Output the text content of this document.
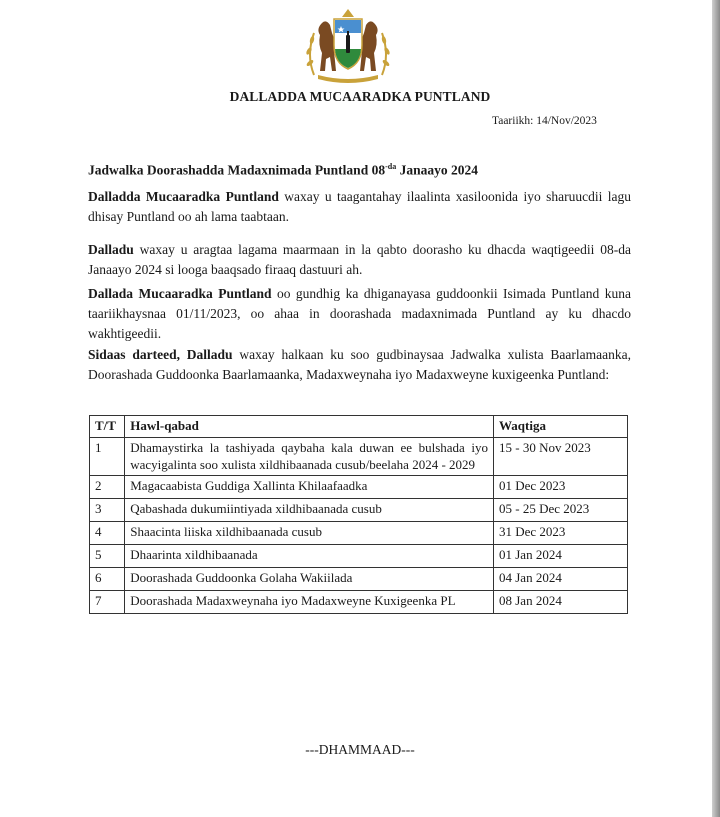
DALLADDA MUCAARADKA PUNTLAND
Taariikh: 14/Nov/2023
Jadwalka Doorashadda Madaxnimada Puntland $08^{-da}$ Janaayo 2024

Dalladda Mucaaradka Puntland waxay u taagantahay ilaalinta xasiloonida iyo sharuucdii lagu dhisay Puntland oo ah lama taabtaan.

Dalladu waxay u aragtaa lagama maarmaan in la qabto doorasho ku dhacda waqtigeedii 08-da Janaayo 2024 si looga baaqsado firaaq dastuuri ah.

Dallada Mucaaradka Puntland oo gundhig ka dhiganayasa guddoonkii Isimada Puntland kuna taariikhaysnaa 01/11/2023, oo ahaa in doorashada madaxnimada Puntland ay ku dhacdo wakhtigeedii.

Sidaas darteed, Dalladu waxay halkaan ku soo gudbinaysaa Jadwalka xulista Baarlamaanka, Doorashada Guddoonka Baarlamaanka, Madaxweynaha iyo Madaxweyne kuxigeenka Puntland:

T/T	Hawl-qabad	Waqtiga
1	Dhamaystirka la tashiyada qaybaha kala duwan ee bulshada iyo wacyigalinta soo xulista xildhibaanada cusub/beelaha 2024 - 2029	15 - 30 Nov 2023
2	Magacaabista Guddiga Xallinta Khilaafaadka	01 Dec 2023
3	Qabashada dukumiintiyada xildhibaanada cusub	05 - 25 Dec 2023
4	Shaacinta liiska xildhibaanada cusub	31 Dec 2023
5	Dhaarinta xildhibaanada	01 Jan 2024
6	Doorashada Guddoonka Golaha Wakiilada	04 Jan 2024
7	Doorashada Madaxweynaha iyo Madaxweyne Kuxigeenka PL	08 Jan 2024
---DHAMMAAD---
